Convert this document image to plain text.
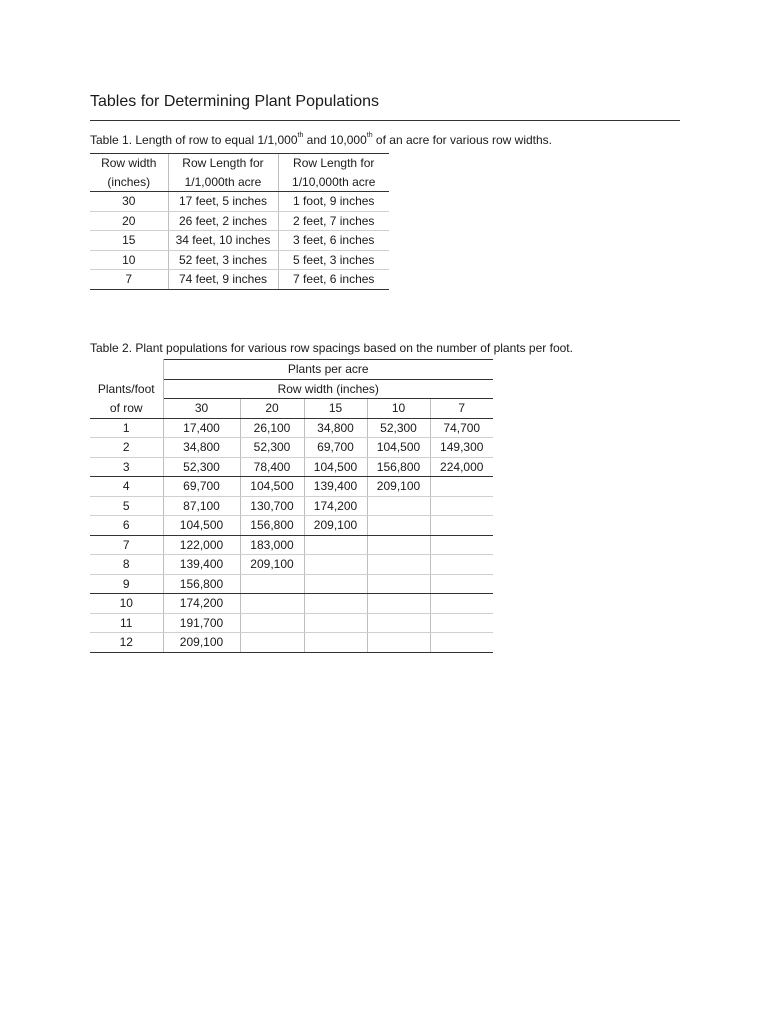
Tables for Determining Plant Populations

Table 1. Length of row to equal 1/1,000th and 10,000th of an acre for various row widths.

Row width	Row Length for	Row Length for
(inches)	1/1,000th acre	1/10,000th acre
30	17 feet, 5 inches	1 foot, 9 inches
20	26 feet, 2 inches	2 feet, 7 inches
15	34 feet, 10 inches	3 feet, 6 inches
10	52 feet, 3 inches	5 feet, 3 inches
7	74 feet, 9 inches	7 feet, 6 inches

Table 2. Plant populations for various row spacings based on the number of plants per foot.

	Plants per acre				
Plants/foot	Row width (inches)				
of row	30	20	15	10	7
1	17,400	26,100	34,800	52,300	74,700
2	34,800	52,300	69,700	104,500	149,300
3	52,300	78,400	104,500	156,800	224,000
4	69,700	104,500	139,400	209,100	
5	87,100	130,700	174,200		
6	104,500	156,800	209,100		
7	122,000	183,000			
8	139,400	209,100			
9	156,800				
10	174,200				
11	191,700				
12	209,100				
